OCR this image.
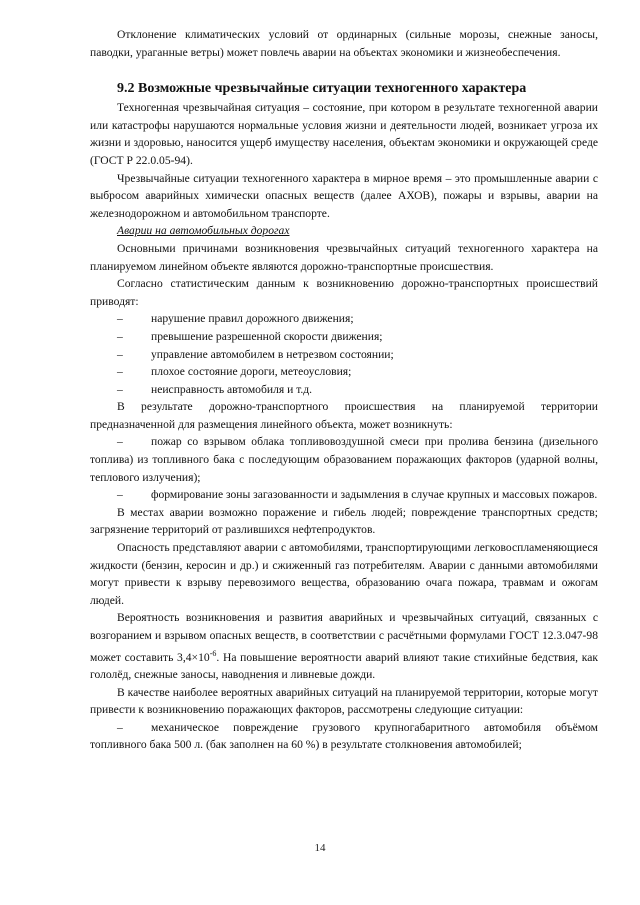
Отклонение климатических условий от ординарных (сильные морозы, снежные заносы, паводки, ураганные ветры) может повлечь аварии на объектах экономики и жизнеобеспечения.

9.2 Возможные чрезвычайные ситуации техногенного характера

Техногенная чрезвычайная ситуация – состояние, при котором в результате техногенной аварии или катастрофы нарушаются нормальные условия жизни и деятельности людей, возникает угроза их жизни и здоровью, наносится ущерб имуществу населения, объектам экономики и окружающей среде (ГОСТ Р 22.0.05-94).

Чрезвычайные ситуации техногенного характера в мирное время – это промышленные аварии с выбросом аварийных химически опасных веществ (далее АХОВ), пожары и взрывы, аварии на железнодорожном и автомобильном транспорте.

Аварии на автомобильных дорогах

Основными причинами возникновения чрезвычайных ситуаций техногенного характера на планируемом линейном объекте являются дорожно-транспортные происшествия.

Согласно статистическим данным к возникновению дорожно-транспортных происшествий приводят:

– нарушение правил дорожного движения;
– превышение разрешенной скорости движения;
– управление автомобилем в нетрезвом состоянии;
– плохое состояние дороги, метеоусловия;
– неисправность автомобиля и т.д.

В результате дорожно-транспортного происшествия на планируемой территории предназначенной для размещения линейного объекта, может возникнуть:

– пожар со взрывом облака топливовоздушной смеси при пролива бензина (дизельного топлива) из топливного бака с последующим образованием поражающих факторов (ударной волны, теплового излучения);

– формирование зоны загазованности и задымления в случае крупных и массовых пожаров.

В местах аварии возможно поражение и гибель людей; повреждение транспортных средств; загрязнение территорий от разлившихся нефтепродуктов.

Опасность представляют аварии с автомобилями, транспортирующими легковоспламеняющиеся жидкости (бензин, керосин и др.) и сжиженный газ потребителям. Аварии с данными автомобилями могут привести к взрыву перевозимого вещества, образованию очага пожара, травмам и ожогам людей.

Вероятность возникновения и развития аварийных и чрезвычайных ситуаций, связанных с возгоранием и взрывом опасных веществ, в соответствии с расчётными формулами ГОСТ 12.3.047-98 может составить $3,4\times 10^{-6}$. На повышение вероятности аварий влияют такие стихийные бедствия, как гололёд, снежные заносы, наводнения и ливневые дожди.

В качестве наиболее вероятных аварийных ситуаций на планируемой территории, которые могут привести к возникновению поражающих факторов, рассмотрены следующие ситуации:

– механическое повреждение грузового крупногабаритного автомобиля объёмом топливного бака 500 л. (бак заполнен на 60 %) в результате столкновения автомобилей;

14
